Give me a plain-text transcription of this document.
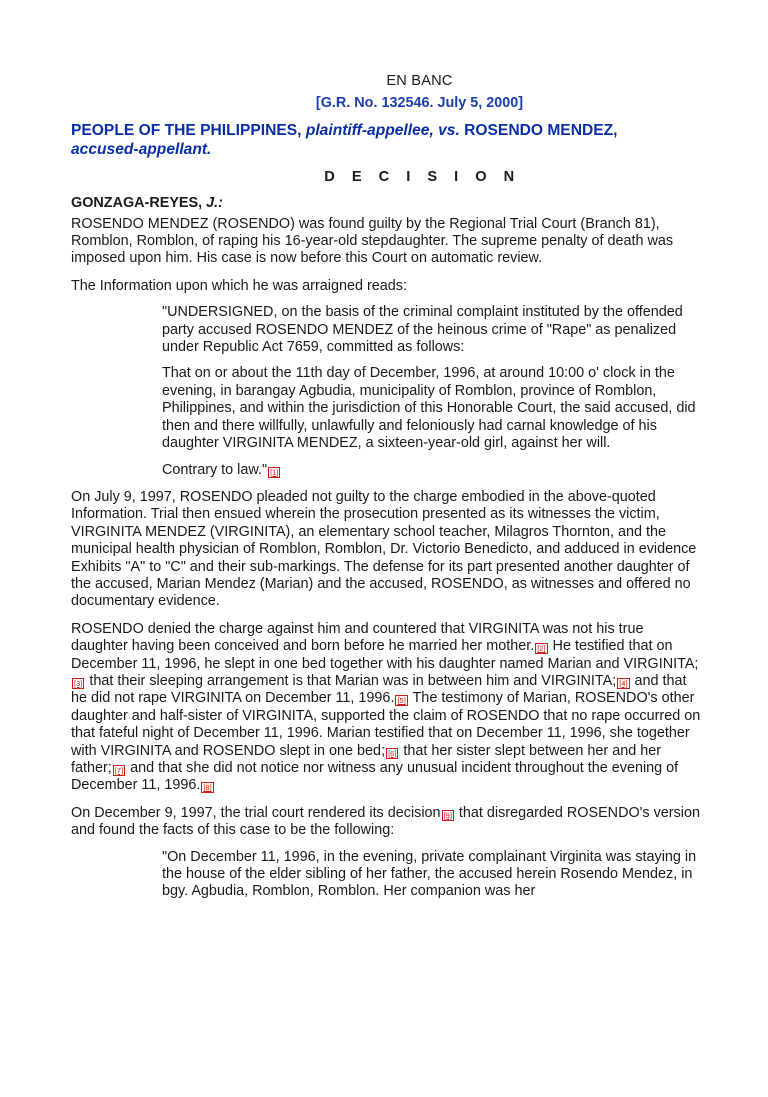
EN BANC
[G.R. No. 132546. July 5, 2000]
PEOPLE OF THE PHILIPPINES, plaintiff-appellee, vs. ROSENDO MENDEZ, accused-appellant.
D E C I S I O N
GONZAGA-REYES, J.:

ROSENDO MENDEZ (ROSENDO) was found guilty by the Regional Trial Court (Branch 81), Romblon, Romblon, of raping his 16-year-old stepdaughter. The supreme penalty of death was imposed upon him. His case is now before this Court on automatic review.

The Information upon which he was arraigned reads:

"UNDERSIGNED, on the basis of the criminal complaint instituted by the offended party accused ROSENDO MENDEZ of the heinous crime of "Rape" as penalized under Republic Act 7659, committed as follows:

That on or about the 11th day of December, 1996, at around 10:00 o' clock in the evening, in barangay Agbudia, municipality of Romblon, province of Romblon, Philippines, and within the jurisdiction of this Honorable Court, the said accused, did then and there willfully, unlawfully and feloniously had carnal knowledge of his daughter VIRGINITA MENDEZ, a sixteen-year-old girl, against her will.

Contrary to law." [1]

On July 9, 1997, ROSENDO pleaded not guilty to the charge embodied in the above-quoted Information. Trial then ensued wherein the prosecution presented as its witnesses the victim, VIRGINITA MENDEZ (VIRGINITA), an elementary school teacher, Milagros Thornton, and the municipal health physician of Romblon, Romblon, Dr. Victorio Benedicto, and adduced in evidence Exhibits "A" to "C" and their sub-markings. The defense for its part presented another daughter of the accused, Marian Mendez (Marian) and the accused, ROSENDO, as witnesses and offered no documentary evidence.

ROSENDO denied the charge against him and countered that VIRGINITA was not his true daughter having been conceived and born before he married her mother. [2] He testified that on December 11, 1996, he slept in one bed together with his daughter named Marian and VIRGINITA;[3] that their sleeping arrangement is that Marian was in between him and VIRGINITA; [4] and that he did not rape VIRGINITA on December 11, 1996. [5] The testimony of Marian, ROSENDO's other daughter and half-sister of VIRGINITA, supported the claim of ROSENDO that no rape occurred on that fateful night of December 11, 1996. Marian testified that on December 11, 1996, she together with VIRGINITA and ROSENDO slept in one bed; [6] that her sister slept between her and her father; [7] and that she did not notice nor witness any unusual incident throughout the evening of December 11, 1996. [8]

On December 9, 1997, the trial court rendered its decision [9] that disregarded ROSENDO's version and found the facts of this case to be the following:

"On December 11, 1996, in the evening, private complainant Virginita was staying in the house of the elder sibling of her father, the accused herein Rosendo Mendez, in bgy. Agbudia, Romblon, Romblon. Her companion was her
